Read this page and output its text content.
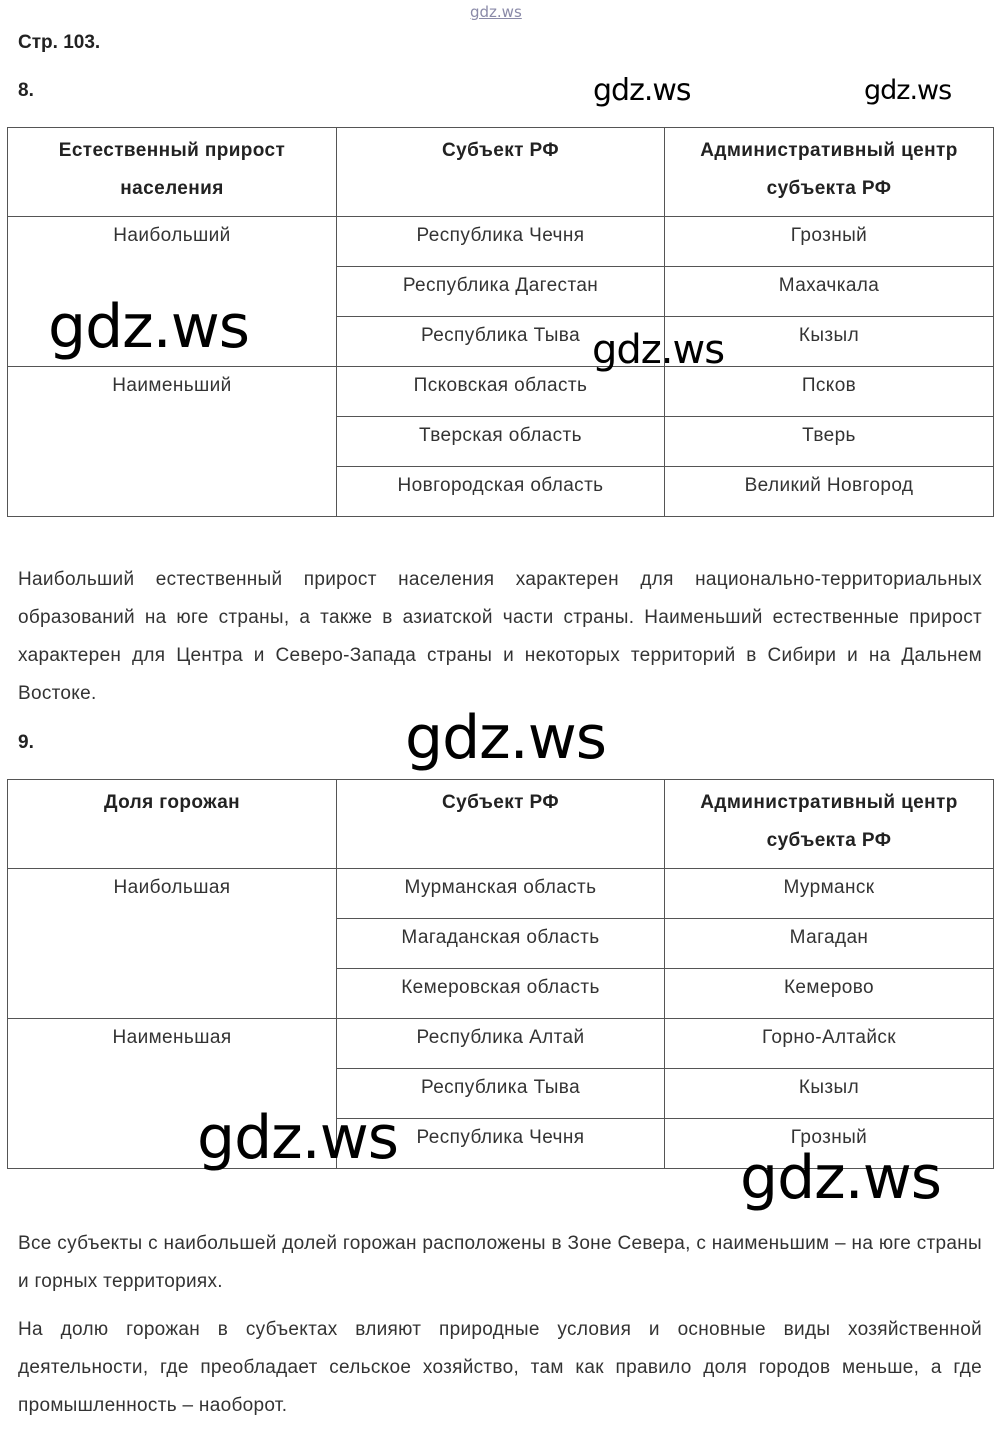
gdz.ws
Стр. 103.
8.	gdz.ws	gdz.ws
Естественный прирост населения	Субъект РФ	Административный центр субъекта РФ

Наибольший	Республика Чечня	Грозный

	Республика Дагестан	Махачкала

	Республика Тыва	Кызыл

Наименьший	Псковская область	Псков

	Тверская область	Тверь

	Новгородская область	Великий Новгород
gdz.ws	gdz.ws
Наибольший естественный прирост населения характерен для национально-территориальных образований на юге страны, а также в азиатской части страны. Наименьший естественные прирост характерен для Центра и Северо-Запада страны и некоторых территорий в Сибири и на Дальнем Востоке.
9.	gdz.ws
Доля горожан	Субъект РФ	Административный центр субъекта РФ

Наибольшая	Мурманская область	Мурманск

	Магаданская область	Магадан

	Кемеровская область	Кемерово

Наименьшая	Республика Алтай	Горно-Алтайск

	Республика Тыва	Кызыл

	Республика Чечня	Грозный
gdz.ws
gdz.ws
Все субъекты с наибольшей долей горожан расположены в Зоне Севера, с наименьшим – на юге страны и горных территориях.
На долю горожан в субъектах влияют природные условия и основные виды хозяйственной деятельности, где преобладает сельское хозяйство, там как правило доля городов меньше, а где промышленность – наоборот.
